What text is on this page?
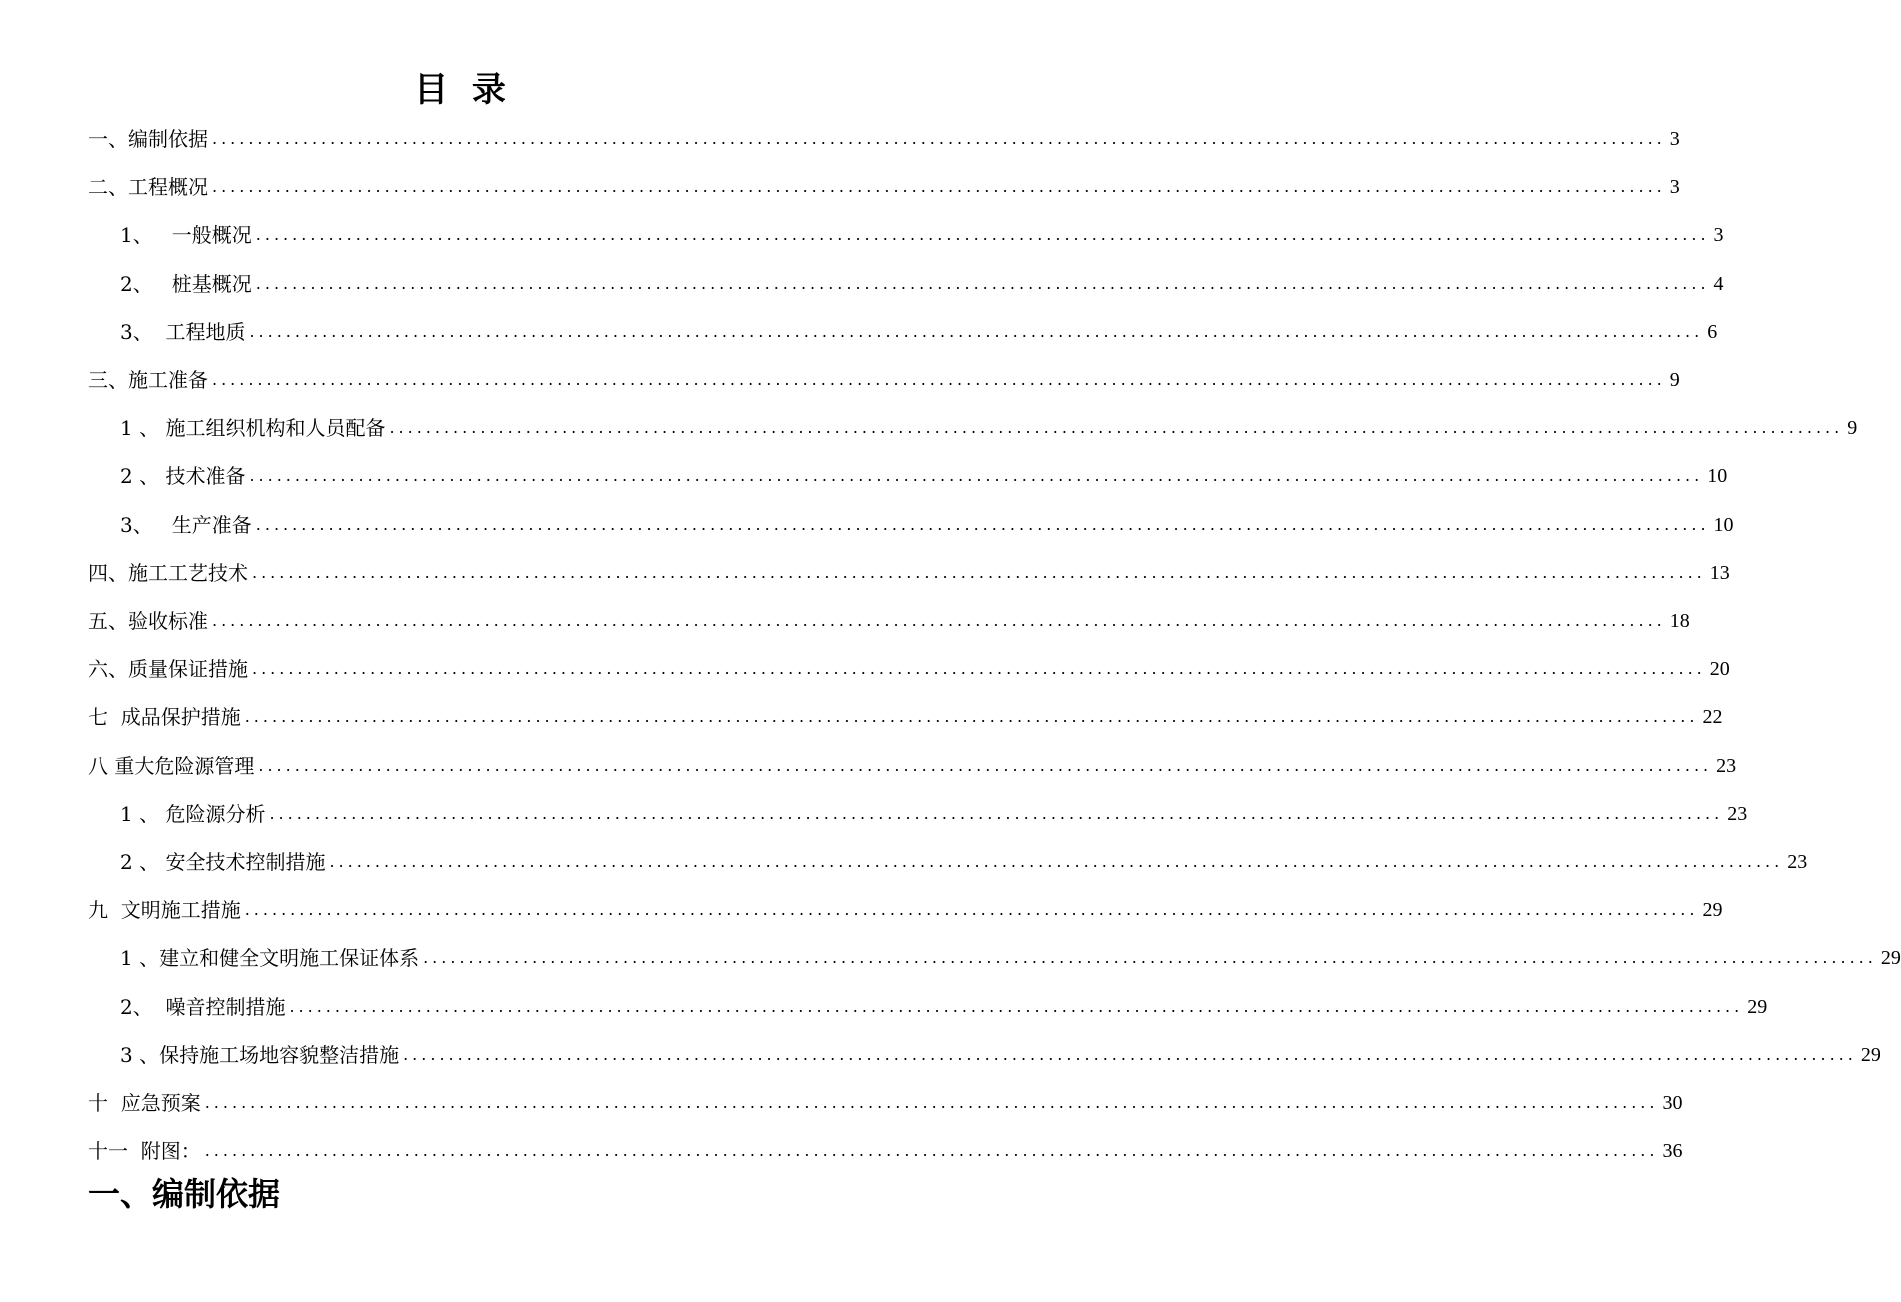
目  录
一、编制依据 ................................................................................................................................................................ 3
二、工程概况 ................................................................................................................................................................ 3
1、   一般概况 ................................................................................................................................................................ 3
2、   桩基概况 ................................................................................................................................................................ 4
3、  工程地质 ................................................................................................................................................................ 6
三、施工准备 ................................................................................................................................................................ 9
1 、 施工组织机构和人员配备 ................................................................................................................................................................ 9
2 、 技术准备 ................................................................................................................................................................ 10
3、   生产准备 ................................................................................................................................................................ 10
四、施工工艺技术 ................................................................................................................................................................ 13
五、验收标准 ................................................................................................................................................................ 18
六、质量保证措施 ................................................................................................................................................................ 20
七  成品保护措施 ................................................................................................................................................................ 22
八 重大危险源管理 ................................................................................................................................................................ 23
1 、 危险源分析 ................................................................................................................................................................ 23
2 、 安全技术控制措施 ................................................................................................................................................................ 23
九  文明施工措施 ................................................................................................................................................................ 29
1 、建立和健全文明施工保证体系 ................................................................................................................................................................ 29
2、  噪音控制措施 ................................................................................................................................................................ 29
3 、保持施工场地容貌整洁措施 ................................................................................................................................................................ 29
十  应急预案 ................................................................................................................................................................ 30
十一  附图： ................................................................................................................................................................ 36
一、编制依据
